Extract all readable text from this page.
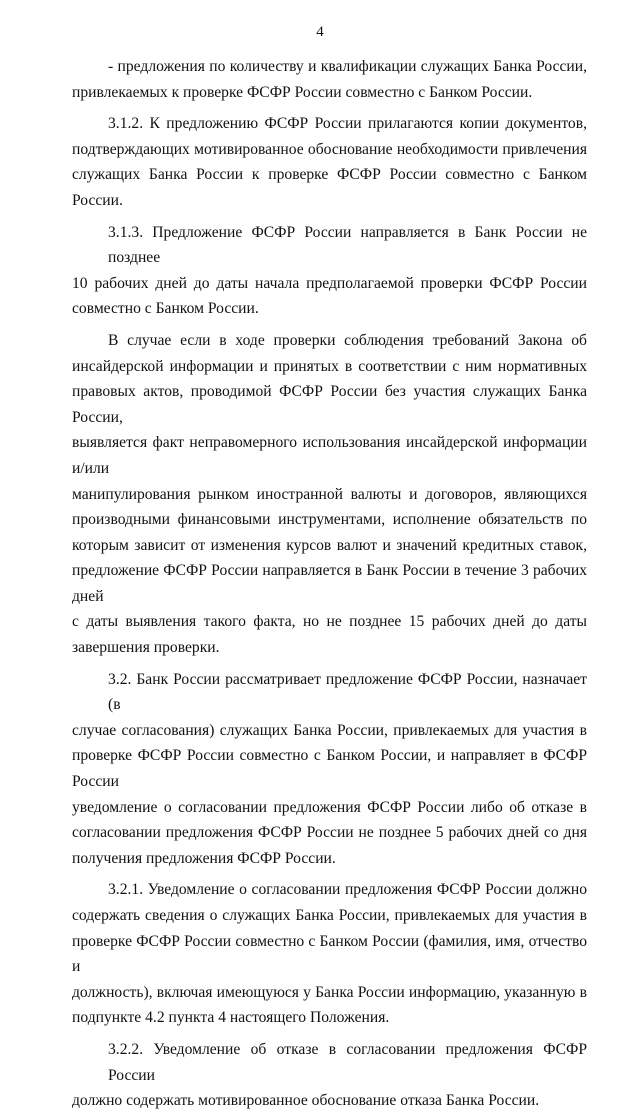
4
- предложения по количеству и квалификации служащих Банка России,
привлекаемых к проверке ФСФР России совместно с Банком России.
3.1.2. К предложению ФСФР России прилагаются копии документов,
подтверждающих мотивированное обоснование необходимости привлечения
служащих Банка России к проверке ФСФР России совместно с Банком России.
3.1.3. Предложение ФСФР России направляется в Банк России не позднее
10 рабочих дней до даты начала предполагаемой проверки ФСФР России
совместно с Банком России.
В случае если в ходе проверки соблюдения требований Закона об
инсайдерской информации и принятых в соответствии с ним нормативных
правовых актов, проводимой ФСФР России без участия служащих Банка России,
выявляется факт неправомерного использования инсайдерской информации и/или
манипулирования рынком иностранной валюты и договоров, являющихся
производными финансовыми инструментами, исполнение обязательств по
которым зависит от изменения курсов валют и значений кредитных ставок,
предложение ФСФР России направляется в Банк России в течение 3 рабочих дней
с даты выявления такого факта, но не позднее 15 рабочих дней до даты
завершения проверки.
3.2. Банк России рассматривает предложение ФСФР России, назначает (в
случае согласования) служащих Банка России, привлекаемых для участия в
проверке ФСФР России совместно с Банком России, и направляет в ФСФР России
уведомление о согласовании предложения ФСФР России либо об отказе в
согласовании предложения ФСФР России не позднее 5 рабочих дней со дня
получения предложения ФСФР России.
3.2.1. Уведомление о согласовании предложения ФСФР России должно
содержать сведения о служащих Банка России, привлекаемых для участия в
проверке ФСФР России совместно с Банком России (фамилия, имя, отчество и
должность), включая имеющуюся у Банка России информацию, указанную в
подпункте 4.2 пункта 4 настоящего Положения.
3.2.2. Уведомление об отказе в согласовании предложения ФСФР России
должно содержать мотивированное обоснование отказа Банка России.
